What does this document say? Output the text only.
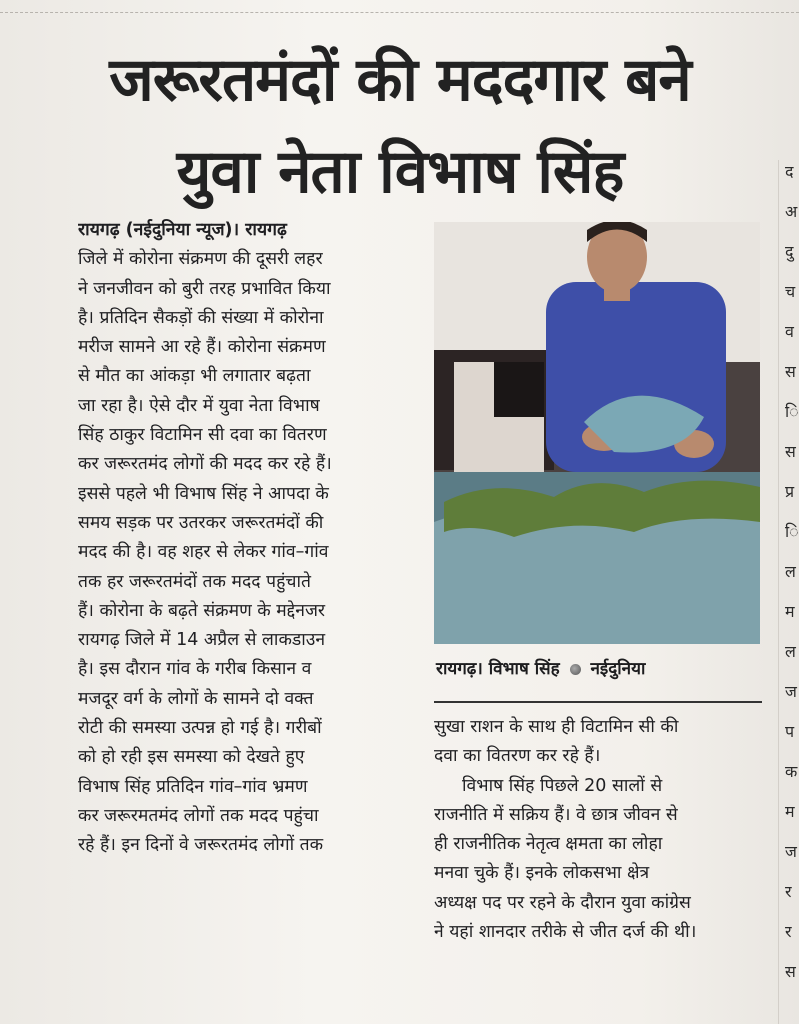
जरूरतमंदों की मददगार बने
युवा नेता विभाष सिंह
रायगढ़ (नईदुनिया न्यूज)। रायगढ़
जिले में कोरोना संक्रमण की दूसरी लहर
ने जनजीवन को बुरी तरह प्रभावित किया
है। प्रतिदिन सैकड़ों की संख्या में कोरोना
मरीज सामने आ रहे हैं। कोरोना संक्रमण
से मौत का आंकड़ा भी लगातार बढ़ता
जा रहा है। ऐसे दौर में युवा नेता विभाष
सिंह ठाकुर विटामिन सी दवा का वितरण
कर जरूरतमंद लोगों की मदद कर रहे हैं।
इससे पहले भी विभाष सिंह ने आपदा के
समय सड़क पर उतरकर जरूरतमंदों की
मदद की है। वह शहर से लेकर गांव–गांव
तक हर जरूरतमंदों तक मदद पहुंचाते
हैं। कोरोना के बढ़ते संक्रमण के मद्देनजर
रायगढ़ जिले में 14 अप्रैल से लाकडाउन
है। इस दौरान गांव के गरीब किसान व
मजदूर वर्ग के लोगों के सामने दो वक्त
रोटी की समस्या उत्पन्न हो गई है। गरीबों
को हो रही इस समस्या को देखते हुए
विभाष सिंह प्रतिदिन गांव–गांव भ्रमण
कर जरूरमतमंद लोगों तक मदद पहुंचा
रहे हैं। इन दिनों वे जरूरतमंद लोगों तक
रायगढ़। विभाष सिंह नईदुनिया
सुखा राशन के साथ ही विटामिन सी की
दवा का वितरण कर रहे हैं।
विभाष सिंह पिछले 20 सालों से
राजनीति में सक्रिय हैं। वे छात्र जीवन से
ही राजनीतिक नेतृत्व क्षमता का लोहा
मनवा चुके हैं। इनके लोकसभा क्षेत्र
अध्यक्ष पद पर रहने के दौरान युवा कांग्रेस
ने यहां शानदार तरीके से जीत दर्ज की थी।
द
अ
दु
च
व
स
ि
स
प्र
ि
ल
म
ल
ज
प
क
म
ज
र
र
स
